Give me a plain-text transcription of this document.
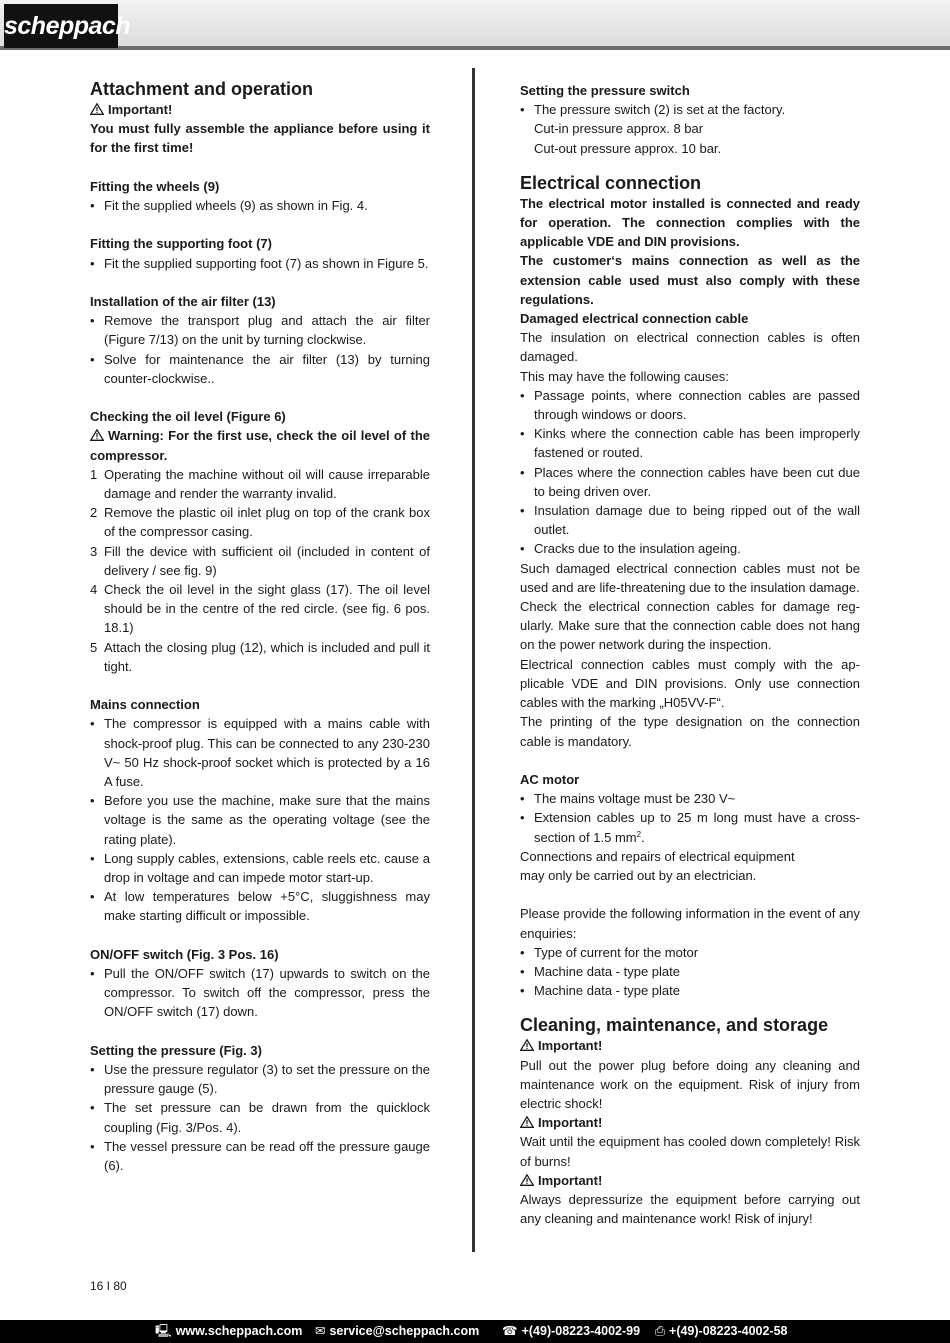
scheppach
Attachment and operation
Important!

You must fully assemble the appliance before using it for the first time!

Fitting the wheels (9)
• Fit the supplied wheels (9) as shown in Fig. 4.
Fitting the supporting foot (7)
• Fit the supplied supporting foot (7) as shown in Figure 5.
Installation of the air filter (13)
• Remove the transport plug and attach the air filter (Figure 7/13) on the unit by turning clockwise.
• Solve for maintenance the air filter (13) by turning counter-clockwise..
Checking the oil level (Figure 6)

Warning: For the first use, check the oil level of the compressor.

1 Operating the machine without oil will cause irreparable damage and render the warranty invalid.
2 Remove the plastic oil inlet plug on top of the crank box of the compressor casing.
3 Fill the device with sufficient oil (included in content of delivery / see fig. 9)
4 Check the oil level in the sight glass (17). The oil level should be in the centre of the red circle. (see fig. 6 pos. 18.1)
5 Attach the closing plug (12), which is included and pull it tight.
Mains connection
• The compressor is equipped with a mains cable with shock-proof plug. This can be connected to any 230-230 V~ 50 Hz shock-proof socket which is protected by a 16 A fuse.
• Before you use the machine, make sure that the mains voltage is the same as the operating voltage (see the rating plate).
• Long supply cables, extensions, cable reels etc. cause a drop in voltage and can impede motor start-up.
• At low temperatures below +5°C, sluggishness may make starting difficult or impossible.
ON/OFF switch (Fig. 3 Pos. 16)
• Pull the ON/OFF switch (17) upwards to switch on the compressor. To switch off the compressor, press the ON/OFF switch (17) down.
Setting the pressure (Fig. 3)
• Use the pressure regulator (3) to set the pressure on the pressure gauge (5).
• The set pressure can be drawn from the quicklock coupling (Fig. 3/Pos. 4).
• The vessel pressure can be read off the pressure gauge (6).
Setting the pressure switch
• The pressure switch (2) is set at the factory.
Cut-in pressure approx. 8 bar
Cut-out pressure approx. 10 bar.
Electrical connection

The electrical motor installed is connected and ready for operation. The connection complies with the applicable VDE and DIN provisions.

The customer‘s mains connection as well as the extension cable used must also comply with these regulations.

Damaged electrical connection cable

The insulation on electrical connection cables is often damaged.

This may have the following causes:

• Passage points, where connection cables are passed through windows or doors.
• Kinks where the connection cable has been improperly fastened or routed.
• Places where the connection cables have been cut due to being driven over.
• Insulation damage due to being ripped out of the wall outlet.
• Cracks due to the insulation ageing.

Such damaged electrical connection cables must not be used and are life-threatening due to the insulation damage.

Check the electrical connection cables for damage regularly. Make sure that the connection cable does not hang on the power network during the inspection.

Electrical connection cables must comply with the applicable VDE and DIN provisions. Only use connection cables with the marking „H05VV-F“.

The printing of the type designation on the connection cable is mandatory.

AC motor
• The mains voltage must be 230 V~
• Extension cables up to 25 m long must have a cross-section of 1.5 $mm^2$.

Connections and repairs of electrical equipment

may only be carried out by an electrician.

Please provide the following information in the event of any enquiries:

• Type of current for the motor
• Machine data - type plate
• Machine data - type plate
Cleaning, maintenance, and storage
Important!

Pull out the power plug before doing any cleaning and maintenance work on the equipment. Risk of injury from electric shock!

Important!

Wait until the equipment has cooled down completely! Risk of burns!

Important!

Always depressurize the equipment before carrying out any cleaning and maintenance work! Risk of injury!

16 I 80
🖳 www.scheppach.com ✉ service@scheppach.com ☎ +(49)-08223-4002-99 ⎙ +(49)-08223-4002-58
